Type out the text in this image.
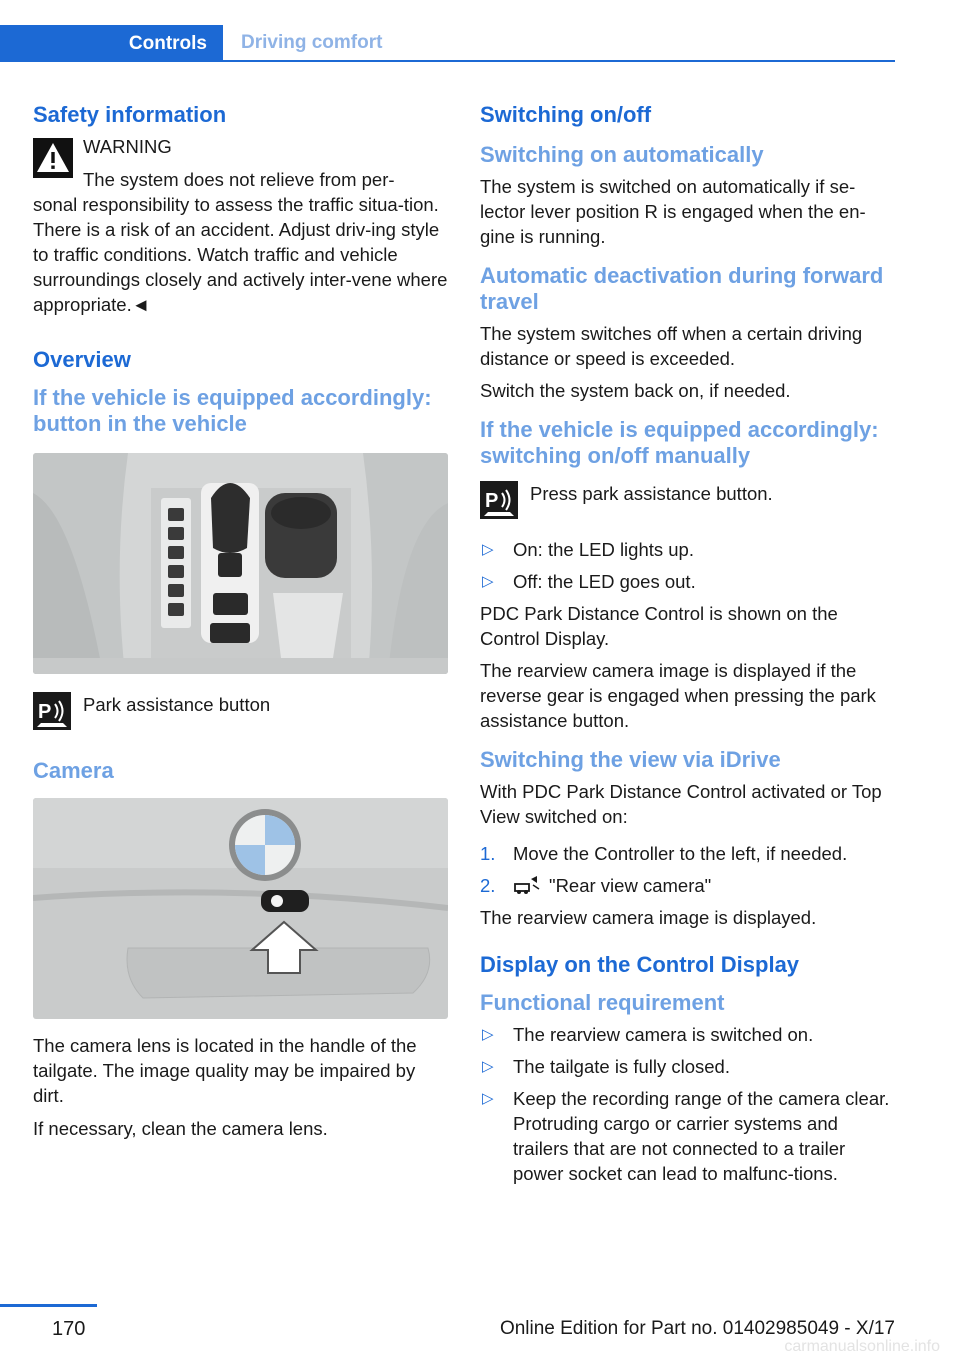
Controls Driving comfort
Safety information

WARNING

The system does not relieve from per-

sonal responsibility to assess the traffic situa-tion. There is a risk of an accident. Adjust driv-ing style to traffic conditions. Watch traffic and vehicle surroundings closely and actively inter-vene where appropriate.◄

Overview
If the vehicle is equipped accordingly: button in the vehicle
P Park assistance button

Camera

The camera lens is located in the handle of the tailgate. The image quality may be impaired by dirt.

If necessary, clean the camera lens.

Switching on/off
Switching on automatically

The system is switched on automatically if se-lector lever position R is engaged when the en-gine is running.

Automatic deactivation during forward travel

The system switches off when a certain driving distance or speed is exceeded.

Switch the system back on, if needed.

If the vehicle is equipped accordingly: switching on/off manually
P Press park assistance button.

▷ On: the LED lights up.
▷ Off: the LED goes out.

PDC Park Distance Control is shown on the Control Display.

The rearview camera image is displayed if the reverse gear is engaged when pressing the park assistance button.

Switching the view via iDrive

With PDC Park Distance Control activated or Top View switched on:

1. Move the Controller to the left, if needed.
2.	"Rear view camera"

The rearview camera image is displayed.

Display on the Control Display
Functional requirement
▷ The rearview camera is switched on.
▷ The tailgate is fully closed.
▷ Keep the recording range of the camera clear. Protruding cargo or carrier systems and trailers that are not connected to a trailer power socket can lead to malfunc-tions.
170	Online Edition for Part no. 01402985049 - X/17
carmanualsonline.info
